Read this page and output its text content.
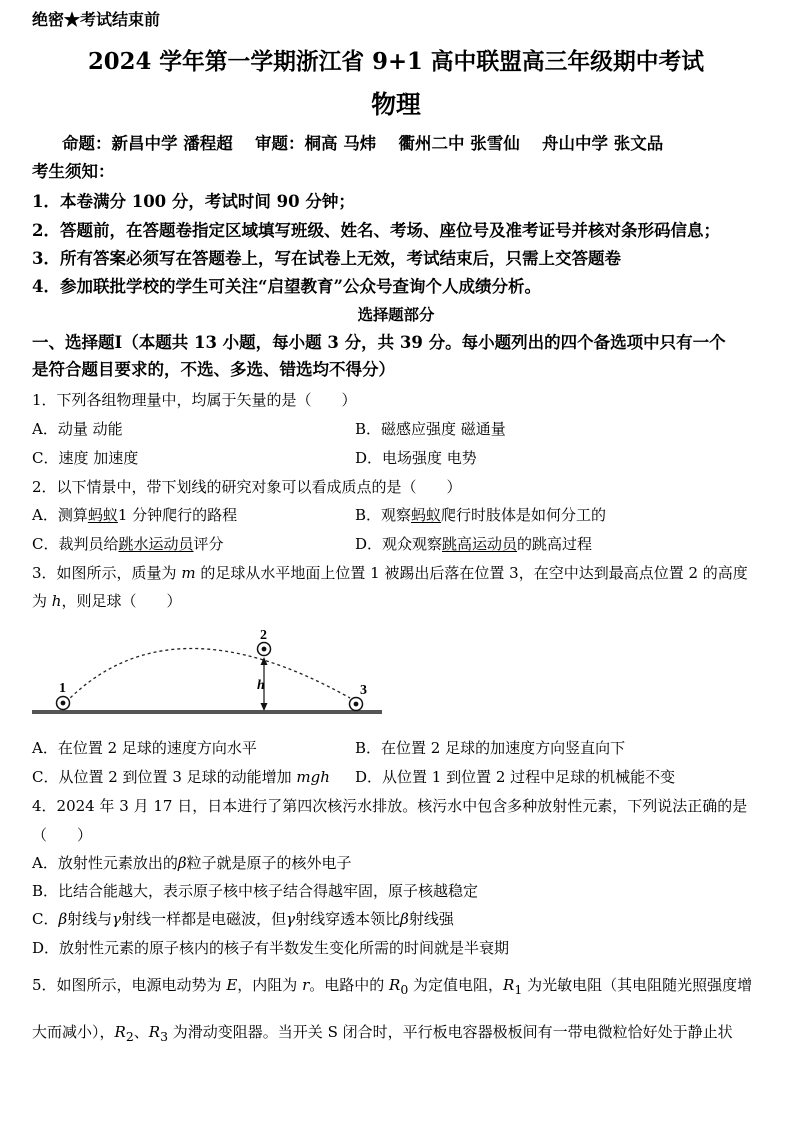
绝密★考试结束前
2024 学年第一学期浙江省 9+1 高中联盟高三年级期中考试
物理
命题：新昌中学 潘程超　 审题：桐高 马炜　 衢州二中 张雪仙　 舟山中学 张文品
考生须知：
1．本卷满分 100 分，考试时间 90 分钟；
2．答题前，在答题卷指定区域填写班级、姓名、考场、座位号及准考证号并核对条形码信息；
3．所有答案必须写在答题卷上，写在试卷上无效，考试结束后，只需上交答题卷
4．参加联批学校的学生可关注“启望教育”公众号查询个人成绩分析。
选择题部分
一、选择题Ⅰ（本题共 13 小题，每小题 3 分，共 39 分。每小题列出的四个备选项中只有一个
是符合题目要求的，不选、多选、错选均不得分）
1．下列各组物理量中，均属于矢量的是（　　）
A．动量 动能	B．磁感应强度 磁通量
C．速度 加速度	D．电场强度 电势
2．以下情景中，带下划线的研究对象可以看成质点的是（　　）
A．测算蚂蚁1 分钟爬行的路程	B．观察蚂蚁爬行时肢体是如何分工的
C．裁判员给跳水运动员评分	D．观众观察跳高运动员的跳高过程
3．如图所示，质量为 m 的足球从水平地面上位置 1 被踢出后落在位置 3，在空中达到最高点位置 2 的高度
为 h，则足球（　　）
1
2
3
h
A．在位置 2 足球的速度方向水平	B．在位置 2 足球的加速度方向竖直向下
C．从位置 2 到位置 3 足球的动能增加 mgh D．从位置 1 到位置 2 过程中足球的机械能不变
4．2024 年 3 月 17 日，日本进行了第四次核污水排放。核污水中包含多种放射性元素，下列说法正确的是
（　　）
A．放射性元素放出的β粒子就是原子的核外电子
B．比结合能越大，表示原子核中核子结合得越牢固，原子核越稳定
C．β射线与γ射线一样都是电磁波，但γ射线穿透本领比β射线强
D．放射性元素的原子核内的核子有半数发生变化所需的时间就是半衰期
5．如图所示，电源电动势为 E，内阻为 r。电路中的 $R_0$ 为定值电阻，$R_1$ 为光敏电阻（其电阻随光照强度增
大而减小），$R_2$、$R_3$ 为滑动变阻器。当开关 S 闭合时，平行板电容器极板间有一带电微粒恰好处于静止状
